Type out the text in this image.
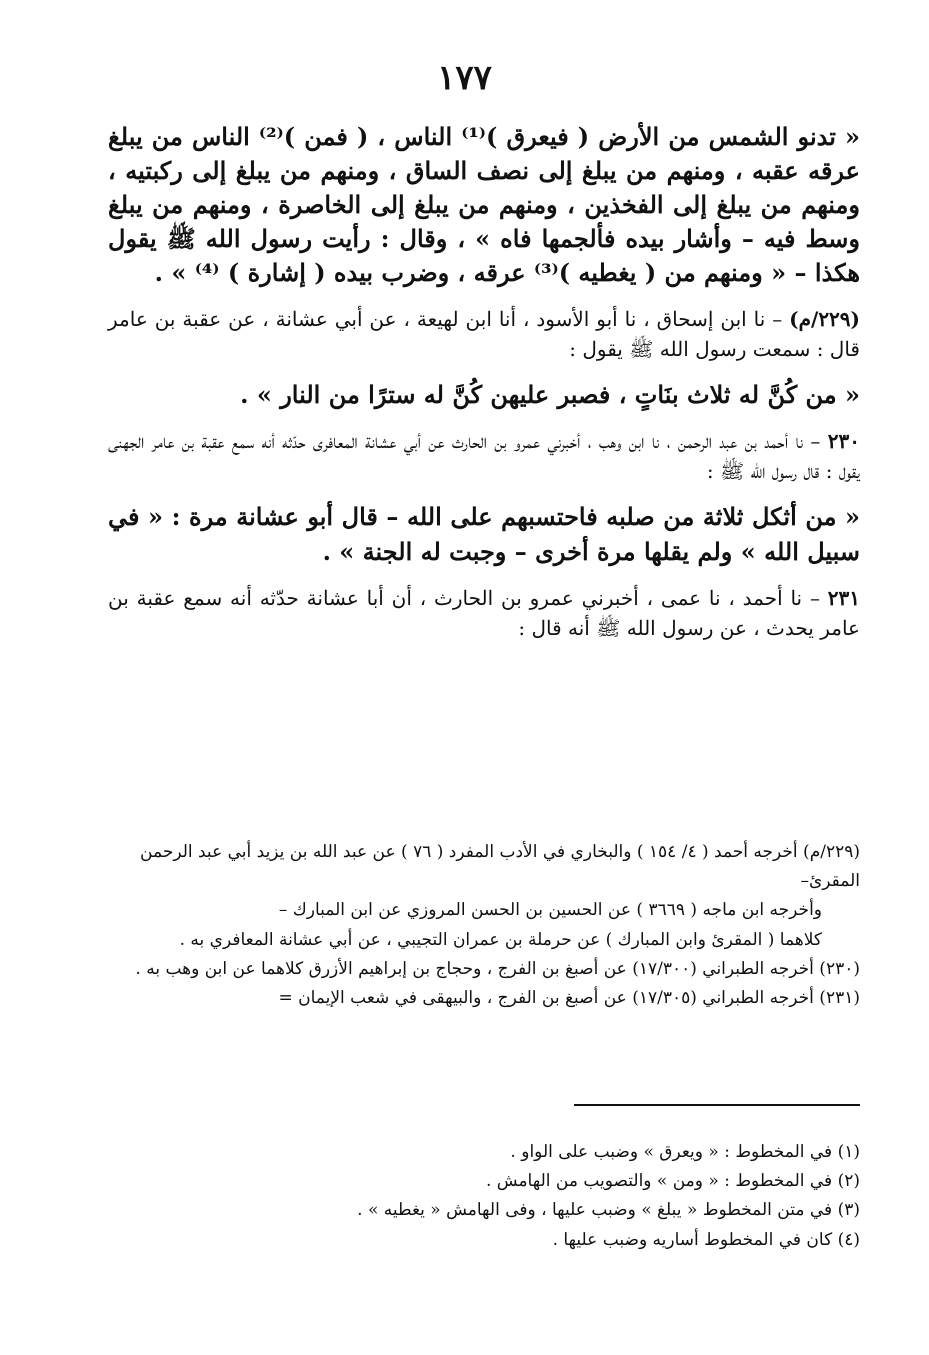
١٧٧

« تدنو الشمس من الأرض ( فيعرق )⁽¹⁾ الناس ، ( فمن )⁽²⁾ الناس من يبلغ عرقه عقبه ، ومنهم من يبلغ إلى نصف الساق ، ومنهم من يبلغ إلى ركبتيه ، ومنهم من يبلغ إلى الفخذين ، ومنهم من يبلغ إلى الخاصرة ، ومنهم من يبلغ وسط فيه – وأشار بيده فألجمها فاه » ، وقال : رأيت رسول الله ﷺ يقول هكذا – « ومنهم من ( يغطيه )⁽³⁾ عرقه ، وضرب بيده ( إشارة ) ⁽⁴⁾ » .

(٢٢٩/م) – نا ابن إسحاق ، نا أبو الأسود ، أنا ابن لهيعة ، عن أبي عشانة ، عن عقبة بن عامر قال : سمعت رسول الله ﷺ يقول :

« من كُنَّ له ثلاث بنَاتٍ ، فصبر عليهن كُنَّ له سترًا من النار » .

٢٣٠ – نا أحمد بن عبد الرحمن ، نا ابن وهب ، أخبرني عمرو بن الحارث عن أبي عشانة المعافرى حدّثه أنه سمع عقبة بن عامر الجهنى يقول : قال رسول الله ﷺ :

« من أثكل ثلاثة من صلبه فاحتسبهم على الله – قال أبو عشانة مرة : « في سبيل الله » ولم يقلها مرة أخرى – وجبت له الجنة » .

٢٣١ – نا أحمد ، نا عمى ، أخبرني عمرو بن الحارث ، أن أبا عشانة حدّثه أنه سمع عقبة بن عامر يحدث ، عن رسول الله ﷺ أنه قال :

(٢٢٩/م) أخرجه أحمد ( ٤/ ١٥٤ ) والبخاري في الأدب المفرد ( ٧٦ ) عن عبد الله بن يزيد أبي عبد الرحمن المقرئ–

وأخرجه ابن ماجه ( ٣٦٦٩ ) عن الحسين بن الحسن المروزي عن ابن المبارك –

كلاهما ( المقرئ وابن المبارك ) عن حرملة بن عمران التجيبي ، عن أبي عشانة المعافري به .

(٢٣٠) أخرجه الطبراني (١٧/٣٠٠) عن أصبغ بن الفرج ، وحجاج بن إبراهيم الأزرق كلاهما عن ابن وهب به .

(٢٣١) أخرجه الطبراني (١٧/٣٠٥) عن أصبغ بن الفرج ، والبيهقى في شعب الإيمان =

(١) في المخطوط : « ويعرق » وضبب على الواو .

(٢) في المخطوط : « ومن » والتصويب من الهامش .

(٣) في متن المخطوط « يبلغ » وضبب عليها ، وفى الهامش « يغطيه » .

(٤) كان في المخطوط أساريه وضبب عليها .
